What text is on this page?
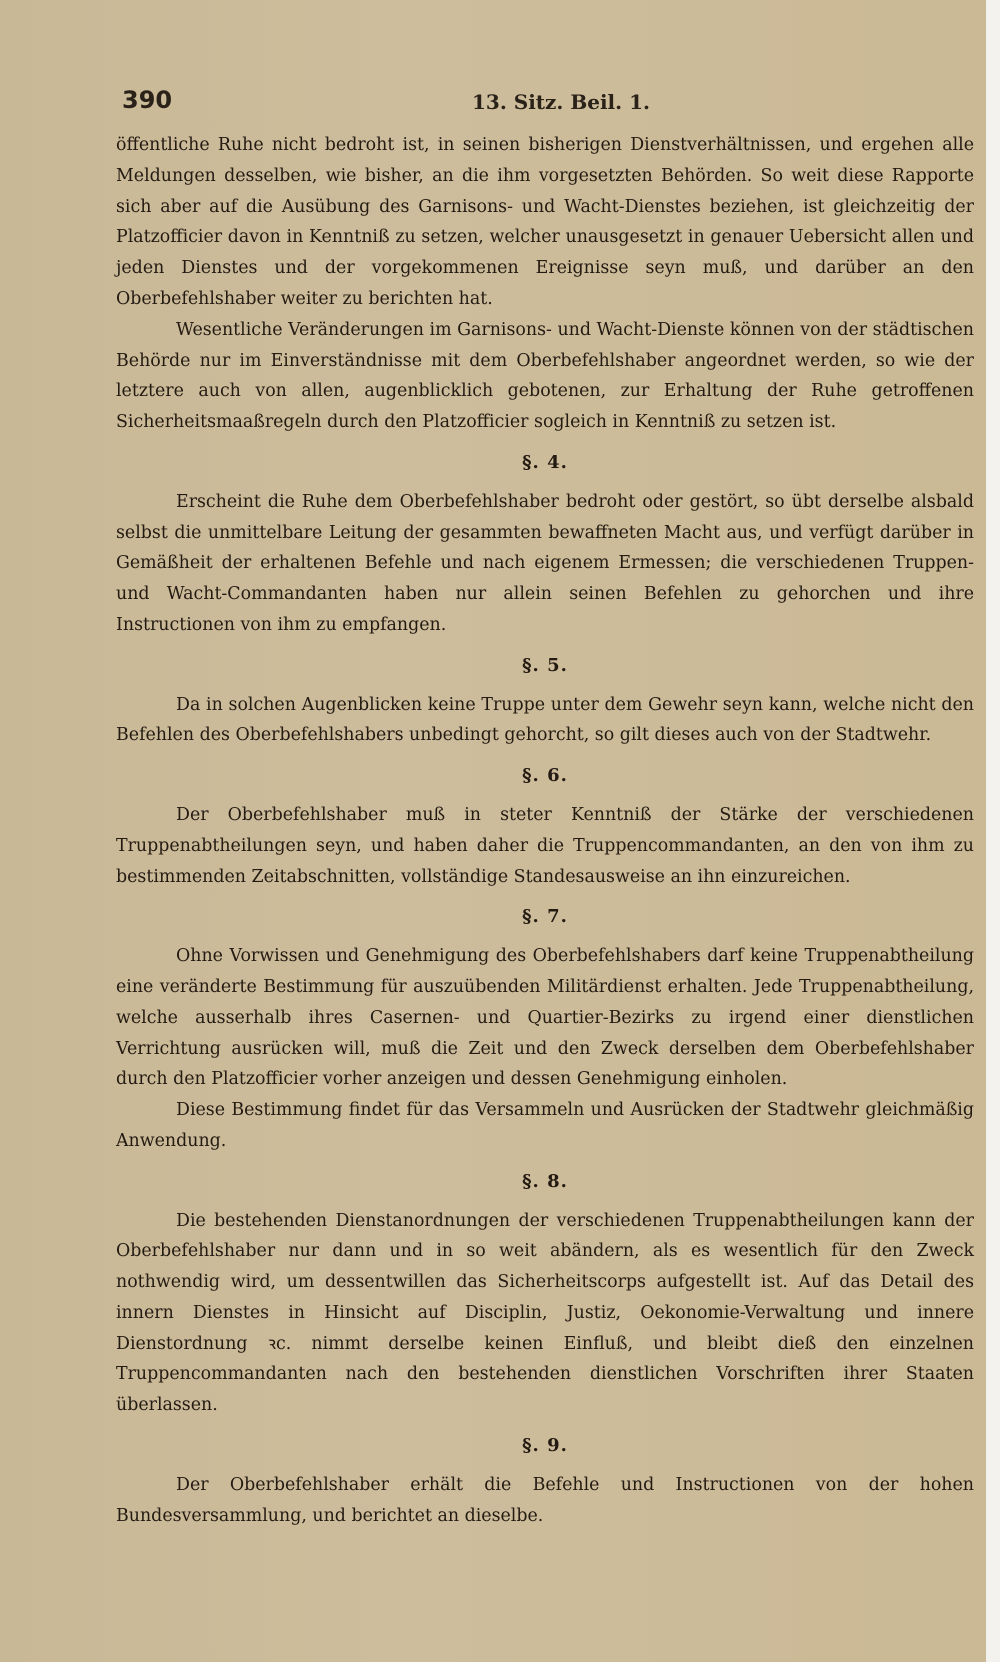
390	13. Sitz. Beil. 1.

öffentliche Ruhe nicht bedroht ist, in seinen bisherigen Dienstverhältnissen, und ergehen alle Meldungen desselben, wie bisher, an die ihm vorgesetzten Behörden. So weit diese Rapporte sich aber auf die Ausübung des Garnisons- und Wacht-Dienstes beziehen, ist gleichzeitig der Platzofficier davon in Kenntniß zu setzen, welcher unausgesetzt in genauer Uebersicht allen und jeden Dienstes und der vorgekommenen Ereignisse seyn muß, und darüber an den Oberbefehlshaber weiter zu berichten hat.

Wesentliche Veränderungen im Garnisons- und Wacht-Dienste können von der städtischen Behörde nur im Einverständnisse mit dem Oberbefehlshaber angeordnet werden, so wie der letztere auch von allen, augenblicklich gebotenen, zur Erhaltung der Ruhe getroffenen Sicherheitsmaaßregeln durch den Platzofficier sogleich in Kenntniß zu setzen ist.

§. 4.

Erscheint die Ruhe dem Oberbefehlshaber bedroht oder gestört, so übt derselbe alsbald selbst die unmittelbare Leitung der gesammten bewaffneten Macht aus, und verfügt darüber in Gemäßheit der erhaltenen Befehle und nach eigenem Ermessen; die verschiedenen Truppen- und Wacht-Commandanten haben nur allein seinen Befehlen zu gehorchen und ihre Instructionen von ihm zu empfangen.

§. 5.

Da in solchen Augenblicken keine Truppe unter dem Gewehr seyn kann, welche nicht den Befehlen des Oberbefehlshabers unbedingt gehorcht, so gilt dieses auch von der Stadtwehr.

§. 6.

Der Oberbefehlshaber muß in steter Kenntniß der Stärke der verschiedenen Truppenabtheilungen seyn, und haben daher die Truppencommandanten, an den von ihm zu bestimmenden Zeitabschnitten, vollständige Standesausweise an ihn einzureichen.

§. 7.

Ohne Vorwissen und Genehmigung des Oberbefehlshabers darf keine Truppenabtheilung eine veränderte Bestimmung für auszuübenden Militärdienst erhalten. Jede Truppenabtheilung, welche ausserhalb ihres Casernen- und Quartier-Bezirks zu irgend einer dienstlichen Verrichtung ausrücken will, muß die Zeit und den Zweck derselben dem Oberbefehlshaber durch den Platzofficier vorher anzeigen und dessen Genehmigung einholen.

Diese Bestimmung findet für das Versammeln und Ausrücken der Stadtwehr gleichmäßig Anwendung.

§. 8.

Die bestehenden Dienstanordnungen der verschiedenen Truppenabtheilungen kann der Oberbefehlshaber nur dann und in so weit abändern, als es wesentlich für den Zweck nothwendig wird, um dessentwillen das Sicherheitscorps aufgestellt ist. Auf das Detail des innern Dienstes in Hinsicht auf Disciplin, Justiz, Oekonomie-Verwaltung und innere Dienstordnung ꝛc. nimmt derselbe keinen Einfluß, und bleibt dieß den einzelnen Truppencommandanten nach den bestehenden dienstlichen Vorschriften ihrer Staaten überlassen.

§. 9.

Der Oberbefehlshaber erhält die Befehle und Instructionen von der hohen Bundesversammlung, und berichtet an dieselbe.
